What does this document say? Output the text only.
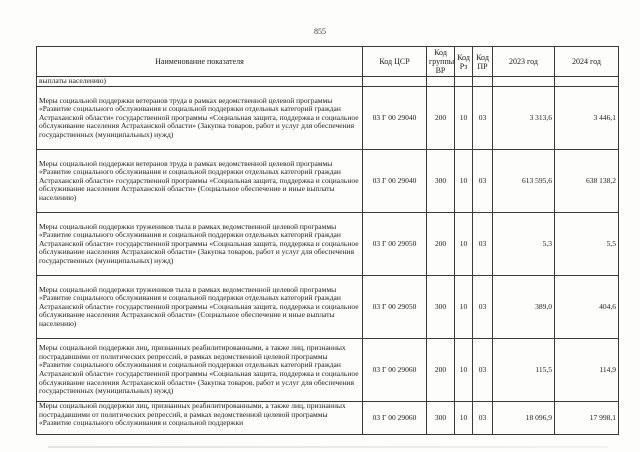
855
Наименование показателя	Код ЦСР	Код группы ВР	Код Рз	Код ПР	2023 год	2024 год
выплаты населению)						
Меры социальной поддержки ветеранов труда в рамках ведомственной целевой программы «Развитие социального обслуживания и социальной поддержки отдельных категорий граждан Астраханской области» государственной программы «Социальная защита, поддержка и социальное обслуживание населения Астраханской области» (Закупка товаров, работ и услуг для обеспечения государственных (муниципальных) нужд)	03 Г 00 29040	200	10	03	3 313,6	3 446,1
Меры социальной поддержки ветеранов труда в рамках ведомственной целевой программы «Развитие социального обслуживания и социальной поддержки отдельных категорий граждан Астраханской области» государственной программы «Социальная защита, поддержка и социальное обслуживание населения Астраханской области» (Социальное обеспечение и иные выплаты населению)	03 Г 00 29040	300	10	03	613 595,6	638 138,2
Меры социальной поддержки тружеников тыла в рамках ведомственной целевой программы «Развитие социального обслуживания и социальной поддержки отдельных категорий граждан Астраханской области» государственной программы «Социальная защита, поддержка и социальное обслуживание населения Астраханской области» (Закупка товаров, работ и услуг для обеспечения государственных (муниципальных) нужд)	03 Г 00 29050	200	10	03	5,3	5,5
Меры социальной поддержки тружеников тыла в рамках ведомственной целевой программы «Развитие социального обслуживания и социальной поддержки отдельных категорий граждан Астраханской области» государственной программы «Социальная защита, поддержка и социальное обслуживание населения Астраханской области» (Социальное обеспечение и иные выплаты населению)	03 Г 00 29050	300	10	03	389,0	404,6
Меры социальной поддержки лиц, признанных реабилитированными, а также лиц, признанных пострадавшими от политических репрессий, в рамках ведомственной целевой программы «Развитие социального обслуживания и социальной поддержки отдельных категорий граждан Астраханской области» государственной программы «Социальная защита, поддержка и социальное обслуживание населения Астраханской области» (Закупка товаров, работ и услуг для обеспечения государственных (муниципальных) нужд)	03 Г 00 29060	200	10	03	115,5	114,9
Меры социальной поддержки лиц, признанных реабилитированными, а также лиц, признанных пострадавшими от политических репрессий, в рамках ведомственной целевой программы «Развитие социального обслуживания и социальной поддержки	03 Г 00 29060	300	10	03	18 096,9	17 998,1
